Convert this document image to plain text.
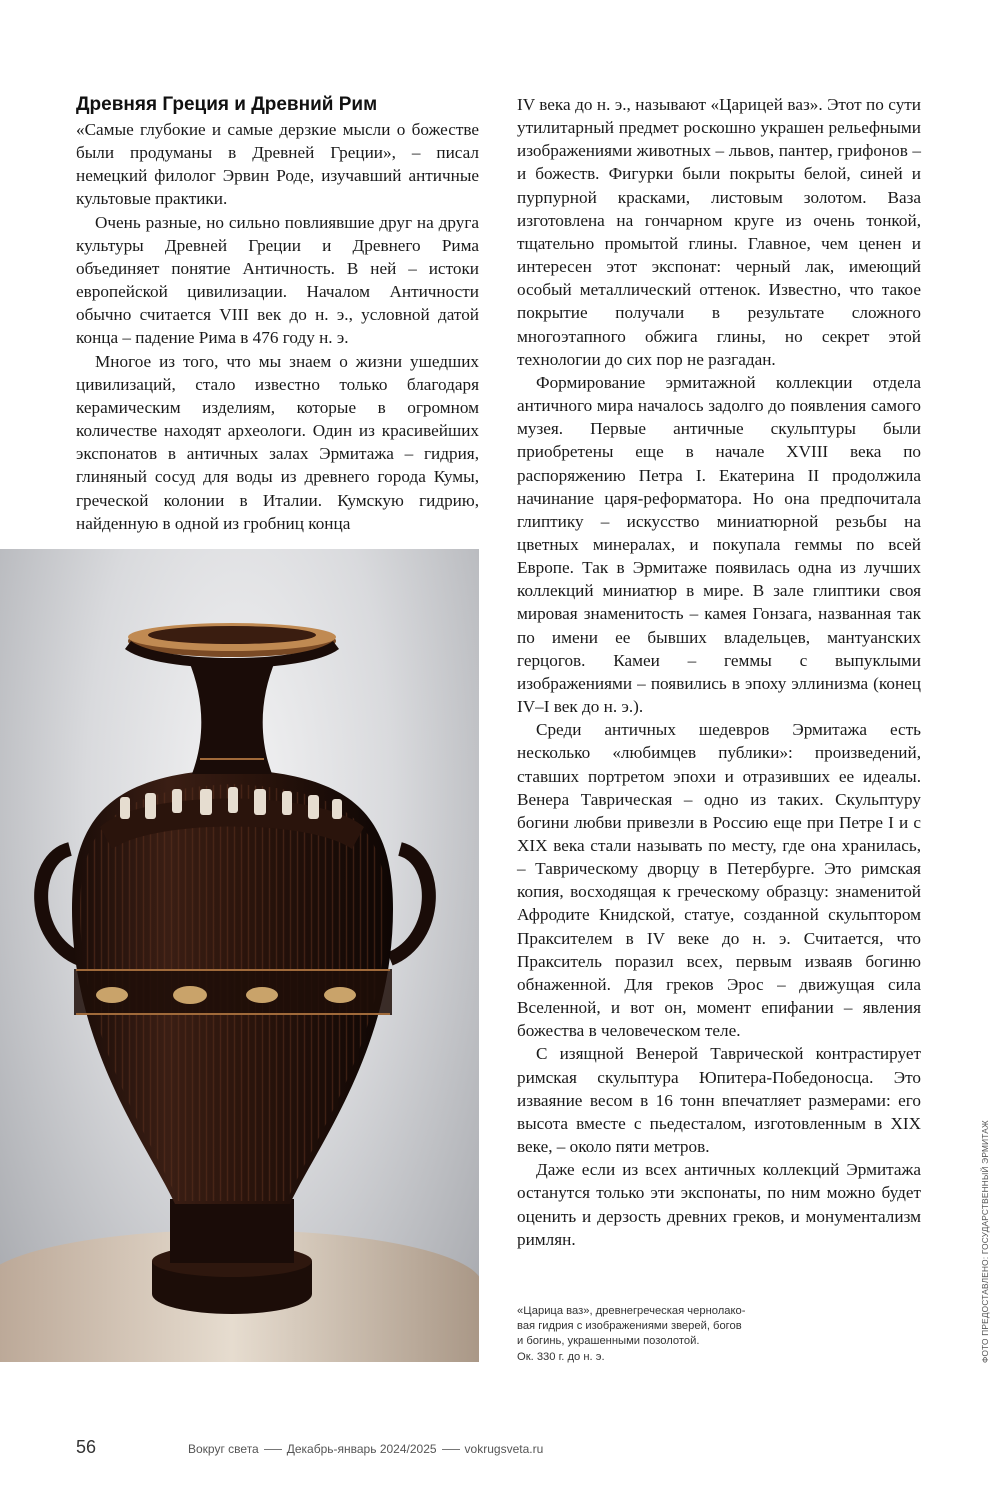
Древняя Греция и Древний Рим

«Самые глубокие и самые дерзкие мысли о божестве были продуманы в Древней Греции», – писал немецкий филолог Эрвин Роде, изучавший античные культовые практики.

Очень разные, но сильно повлиявшие друг на друга культуры Древней Греции и Древнего Рима объединяет понятие Античность. В ней – истоки европейской цивилизации. Началом Античности обычно считается VIII век до н. э., условной датой конца – падение Рима в 476 году н. э.

Многое из того, что мы знаем о жизни ушедших цивилизаций, стало известно только благодаря керамическим изделиям, которые в огромном количестве находят археологи. Один из красивейших экспонатов в античных залах Эрмитажа – гидрия, глиняный сосуд для воды из древнего города Кумы, греческой колонии в Италии. Кумскую гидрию, найденную в одной из гробниц конца

IV века до н. э., называют «Царицей ваз». Этот по сути утилитарный предмет роскошно украшен рельефными изображениями животных – львов, пантер, грифонов – и божеств. Фигурки были покрыты белой, синей и пурпурной красками, листовым золотом. Ваза изготовлена на гончарном круге из очень тонкой, тщательно промытой глины. Главное, чем ценен и интересен этот экспонат: черный лак, имеющий особый металлический оттенок. Известно, что такое покрытие получали в результате сложного многоэтапного обжига глины, но секрет этой технологии до сих пор не разгадан.

Формирование эрмитажной коллекции отдела античного мира началось задолго до появления самого музея. Первые античные скульптуры были приобретены еще в начале XVIII века по распоряжению Петра I. Екатерина II продолжила начинание царя-реформатора. Но она предпочитала глиптику – искусство миниатюрной резьбы на цветных минералах, и покупала геммы по всей Европе. Так в Эрмитаже появилась одна из лучших коллекций миниатюр в мире. В зале глиптики своя мировая знаменитость – камея Гонзага, названная так по имени ее бывших владельцев, мантуанских герцогов. Камеи – геммы с выпуклыми изображениями – появились в эпоху эллинизма (конец IV–I век до н. э.).

Среди античных шедевров Эрмитажа есть несколько «любимцев публики»: произведений, ставших портретом эпохи и отразивших ее идеалы. Венера Таврическая – одно из таких. Скульптуру богини любви привезли в Россию еще при Петре I и с XIX века стали называть по месту, где она хранилась, – Таврическому дворцу в Петербурге. Это римская копия, восходящая к греческому образцу: знаменитой Афродите Книдской, статуе, созданной скульптором Праксителем в IV веке до н. э. Считается, что Пракситель поразил всех, первым изваяв богиню обнаженной. Для греков Эрос – движущая сила Вселенной, и вот он, момент епифании – явления божества в человеческом теле.

С изящной Венерой Таврической контрастирует римская скульптура Юпитера-Победоносца. Это изваяние весом в 16 тонн впечатляет размерами: его высота вместе с пьедесталом, изготовленным в XIX веке, – около пяти метров.

Даже если из всех античных коллекций Эрмитажа останутся только эти экспонаты, по ним можно будет оценить и дерзость древних греков, и монументализм римлян.

«Царица ваз», древнегреческая чернолако-
вая гидрия с изображениями зверей, богов
и богинь, украшенными позолотой.
Ок. 330 г. до н. э.	ФОТО ПРЕДОСТАВЛЕНО: ГОСУДАРСТВЕННЫЙ ЭРМИТАЖ
56	Вокруг света Декабрь-январь 2024/2025 vokrugsveta.ru
